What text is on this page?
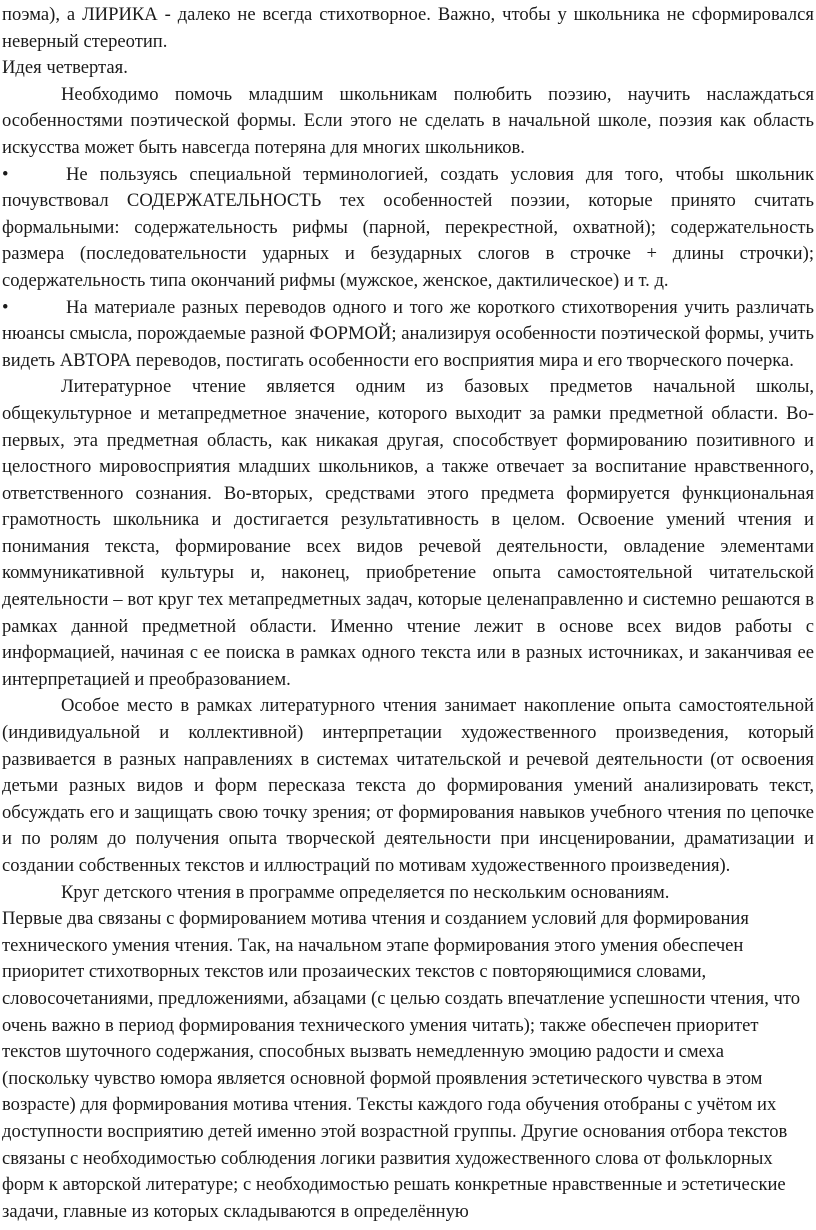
поэма), а ЛИРИКА - далеко не всегда стихотворное. Важно, чтобы у школьника не сформировался неверный стереотип.

Идея четвертая.

Необходимо помочь младшим школьникам полюбить поэзию, научить наслаждаться особенностями поэтической формы. Если этого не сделать в начальной школе, поэзия как область искусства может быть навсегда потеряна для многих школьников.

•	Не пользуясь специальной терминологией, создать условия для того, чтобы школьник почувствовал СОДЕРЖАТЕЛЬНОСТЬ тех особенностей поэзии, которые принято считать формальными: содержательность рифмы (парной, перекрестной, охватной); содержательность размера (последовательности ударных и безударных слогов в строчке + длины строчки); содержательность типа окончаний рифмы (мужское, женское, дактилическое) и т. д.

•	На материале разных переводов одного и того же короткого стихотворения учить различать нюансы смысла, порождаемые разной ФОРМОЙ; анализируя особенности поэтической формы, учить видеть АВТОРА переводов, постигать особенности его восприятия мира и его творческого почерка.

Литературное чтение является одним из базовых предметов начальной школы, общекультурное и метапредметное значение, которого выходит за рамки предметной области. Во-первых, эта предметная область, как никакая другая, способствует формированию позитивного и целостного мировосприятия младших школьников, а также отвечает за воспитание нравственного, ответственного сознания. Во-вторых, средствами этого предмета формируется функциональная грамотность школьника и достигается результативность в целом. Освоение умений чтения и понимания текста, формирование всех видов речевой деятельности, овладение элементами коммуникативной культуры и, наконец, приобретение опыта самостоятельной читательской деятельности – вот круг тех метапредметных задач, которые целенаправленно и системно решаются в рамках данной предметной области. Именно чтение лежит в основе всех видов работы с информацией, начиная с ее поиска в рамках одного текста или в разных источниках, и заканчивая ее интерпретацией и преобразованием.

Особое место в рамках литературного чтения занимает накопление опыта самостоятельной (индивидуальной и коллективной) интерпретации художественного произведения, который развивается в разных направлениях в системах читательской и речевой деятельности (от освоения детьми разных видов и форм пересказа текста до формирования умений анализировать текст, обсуждать его и защищать свою точку зрения; от формирования навыков учебного чтения по цепочке и по ролям до получения опыта творческой деятельности при инсценировании, драматизации и создании собственных текстов и иллюстраций по мотивам художественного произведения).

Круг детского чтения в программе определяется по нескольким основаниям.

Первые два связаны с формированием мотива чтения и созданием условий для формирования технического умения чтения. Так, на начальном этапе формирования этого умения обеспечен приоритет стихотворных текстов или прозаических текстов с повторяющимися словами, словосочетаниями, предложениями, абзацами (с целью создать впечатление успешности чтения, что очень важно в период формирования технического умения читать); также обеспечен приоритет текстов шуточного содержания, способных вызвать немедленную эмоцию радости и смеха (поскольку чувство юмора является основной формой проявления эстетического чувства в этом возрасте) для формирования мотива чтения. Тексты каждого года обучения отобраны с учётом их доступности восприятию детей именно этой возрастной группы. Другие основания отбора текстов связаны с необходимостью соблюдения логики развития художественного слова от фольклорных форм к авторской литературе; с необходимостью решать конкретные нравственные и эстетические задачи, главные из которых складываются в определённую
